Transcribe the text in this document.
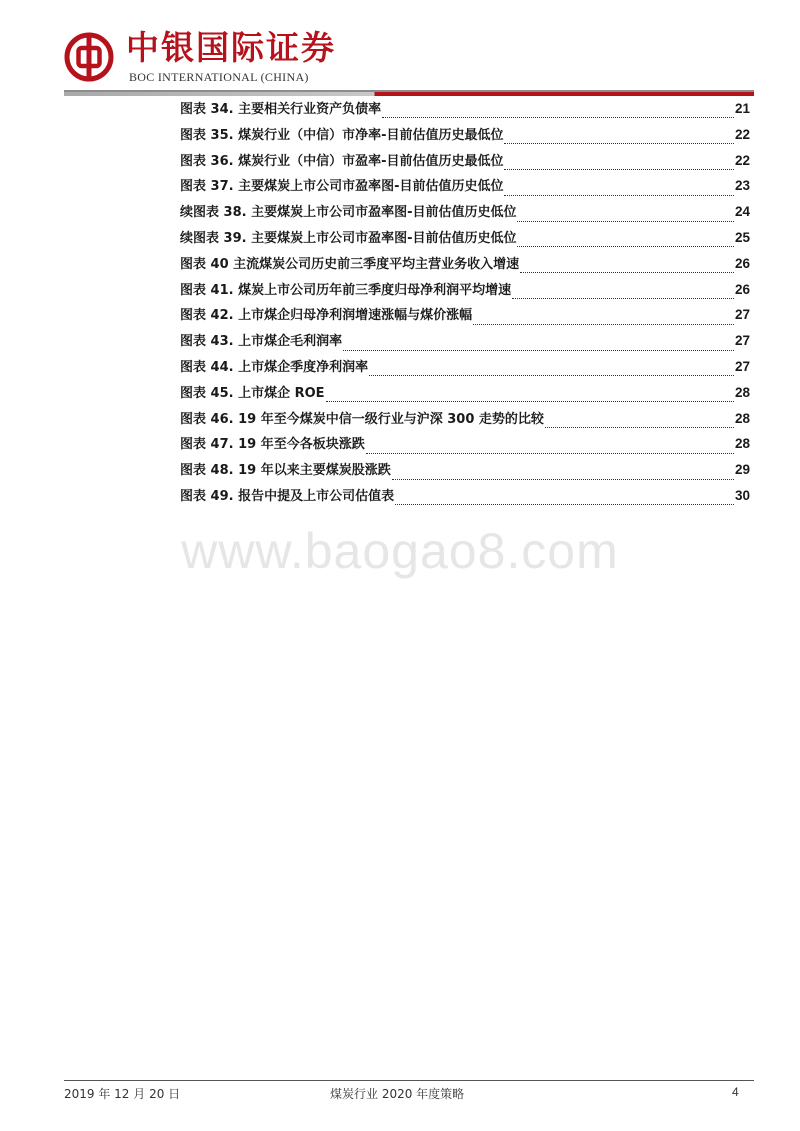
中银国际证券
BOC INTERNATIONAL (CHINA)
图表 34. 主要相关行业资产负债率	21
图表 35. 煤炭行业（中信）市净率-目前估值历史最低位	22
图表 36. 煤炭行业（中信）市盈率-目前估值历史最低位	22
图表 37. 主要煤炭上市公司市盈率图-目前估值历史低位	23
续图表 38. 主要煤炭上市公司市盈率图-目前估值历史低位	24
续图表 39. 主要煤炭上市公司市盈率图-目前估值历史低位	25
图表 40 主流煤炭公司历史前三季度平均主营业务收入增速	26
图表 41. 煤炭上市公司历年前三季度归母净利润平均增速	26
图表 42. 上市煤企归母净利润增速涨幅与煤价涨幅	27
图表 43. 上市煤企毛利润率	27
图表 44. 上市煤企季度净利润率	27
图表 45. 上市煤企 ROE	28
图表 46. 19 年至今煤炭中信一级行业与沪深 300 走势的比较	28
图表 47. 19 年至今各板块涨跌	28
图表 48. 19 年以来主要煤炭股涨跌	29
图表 49. 报告中提及上市公司估值表	30
www.baogao8.com
2019 年 12 月 20 日	煤炭行业 2020 年度策略	4
